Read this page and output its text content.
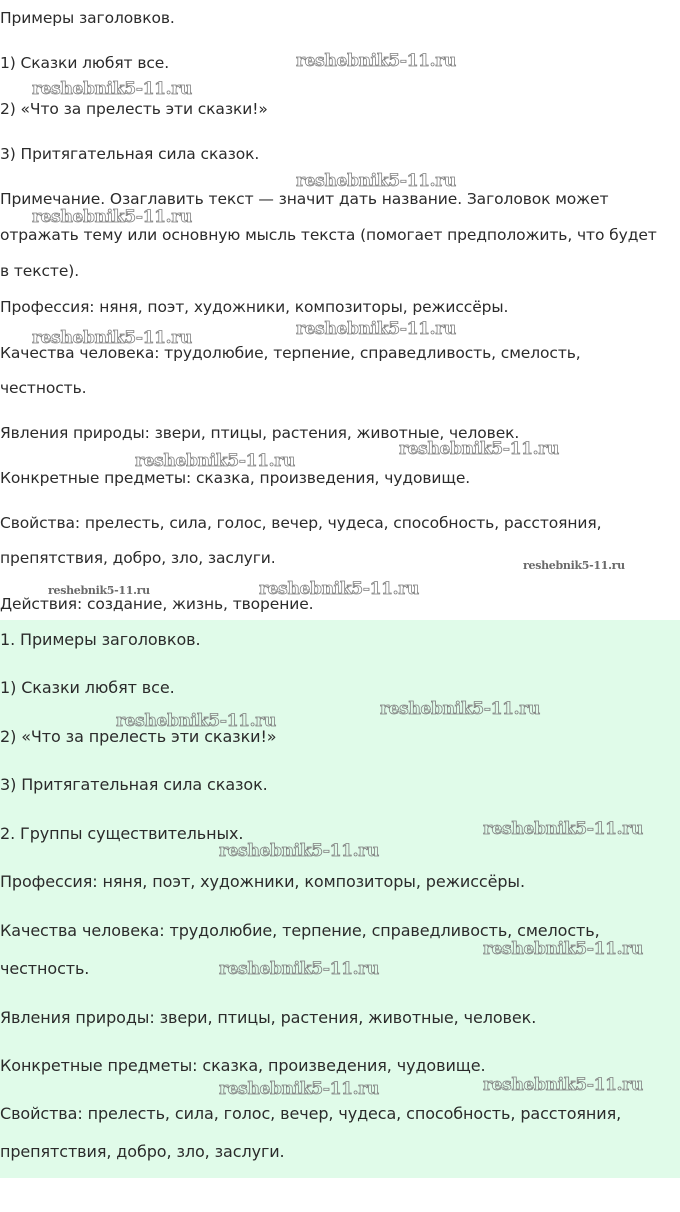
Примеры заголовков.
1) Сказки любят все.
2) «Что за прелесть эти сказки!»
3) Притягательная сила сказок.
Примечание. Озаглавить текст — значит дать название. Заголовок может
отражать тему или основную мысль текста (помогает предположить, что будет
в тексте).
Профессия: няня, поэт, художники, композиторы, режиссёры.
Качества человека: трудолюбие, терпение, справедливость, смелость,
честность.
Явления природы: звери, птицы, растения, животные, человек.
Конкретные предметы: сказка, произведения, чудовище.
Свойства: прелесть, сила, голос, вечер, чудеса, способность, расстояния,
препятствия, добро, зло, заслуги.
Действия: создание, жизнь, творение.
1. Примеры заголовков.
1) Сказки любят все.
2) «Что за прелесть эти сказки!»
3) Притягательная сила сказок.
2. Группы существительных.
Профессия: няня, поэт, художники, композиторы, режиссёры.
Качества человека: трудолюбие, терпение, справедливость, смелость,
честность.
Явления природы: звери, птицы, растения, животные, человек.
Конкретные предметы: сказка, произведения, чудовище.
Свойства: прелесть, сила, голос, вечер, чудеса, способность, расстояния,
препятствия, добро, зло, заслуги.
reshebnik5-11.ru
reshebnik5-11.ru
